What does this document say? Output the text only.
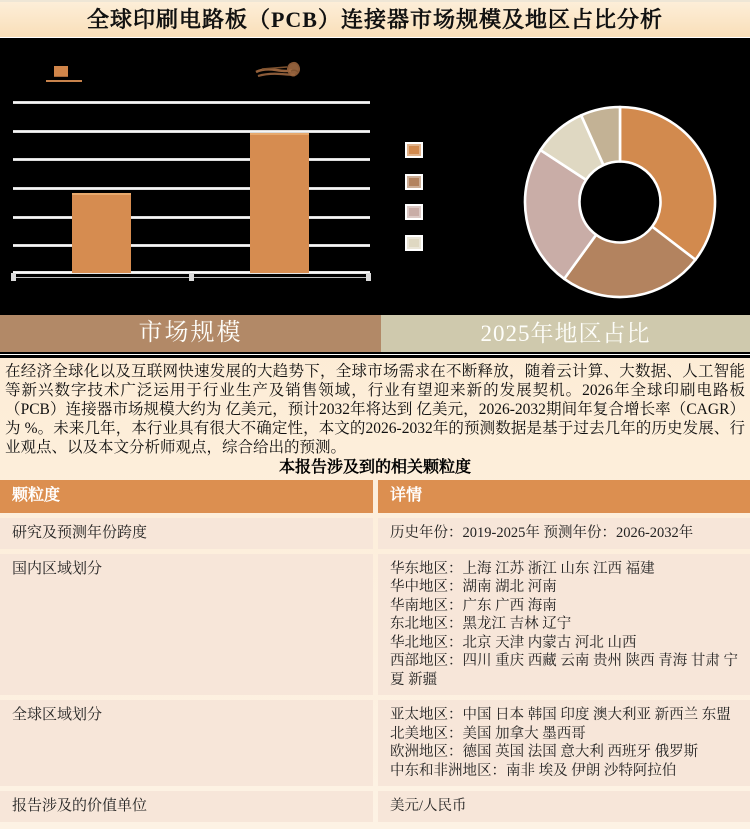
全球印刷电路板（PCB）连接器市场规模及地区占比分析
市场规模	2025年地区占比

在经济全球化以及互联网快速发展的大趋势下，全球市场需求在不断释放，随着云计算、大数据、人工智能等新兴数字技术广泛运用于行业生产及销售领域，行业有望迎来新的发展契机。2026年全球印刷电路板（PCB）连接器市场规模大约为 亿美元，预计2032年将达到 亿美元，2026-2032期间年复合增长率（CAGR）为 %。未来几年，本行业具有很大不确定性，本文的2026-2032年的预测数据是基于过去几年的历史发展、行业观点、以及本文分析师观点，综合给出的预测。

本报告涉及到的相关颗粒度
颗粒度	详情
研究及预测年份跨度	历史年份：2019-2025年 预测年份：2026-2032年
国内区域划分	华东地区：上海 江苏 浙江 山东 江西 福建
华中地区：湖南 湖北 河南
华南地区：广东 广西 海南
东北地区：黑龙江 吉林 辽宁
华北地区：北京 天津 内蒙古 河北 山西
西部地区：四川 重庆 西藏 云南 贵州 陕西 青海 甘肃 宁夏 新疆
全球区域划分	亚太地区：中国 日本 韩国 印度 澳大利亚 新西兰 东盟
北美地区：美国 加拿大 墨西哥
欧洲地区：德国 英国 法国 意大利 西班牙 俄罗斯
中东和非洲地区：南非 埃及 伊朗 沙特阿拉伯
报告涉及的价值单位	美元/人民币
